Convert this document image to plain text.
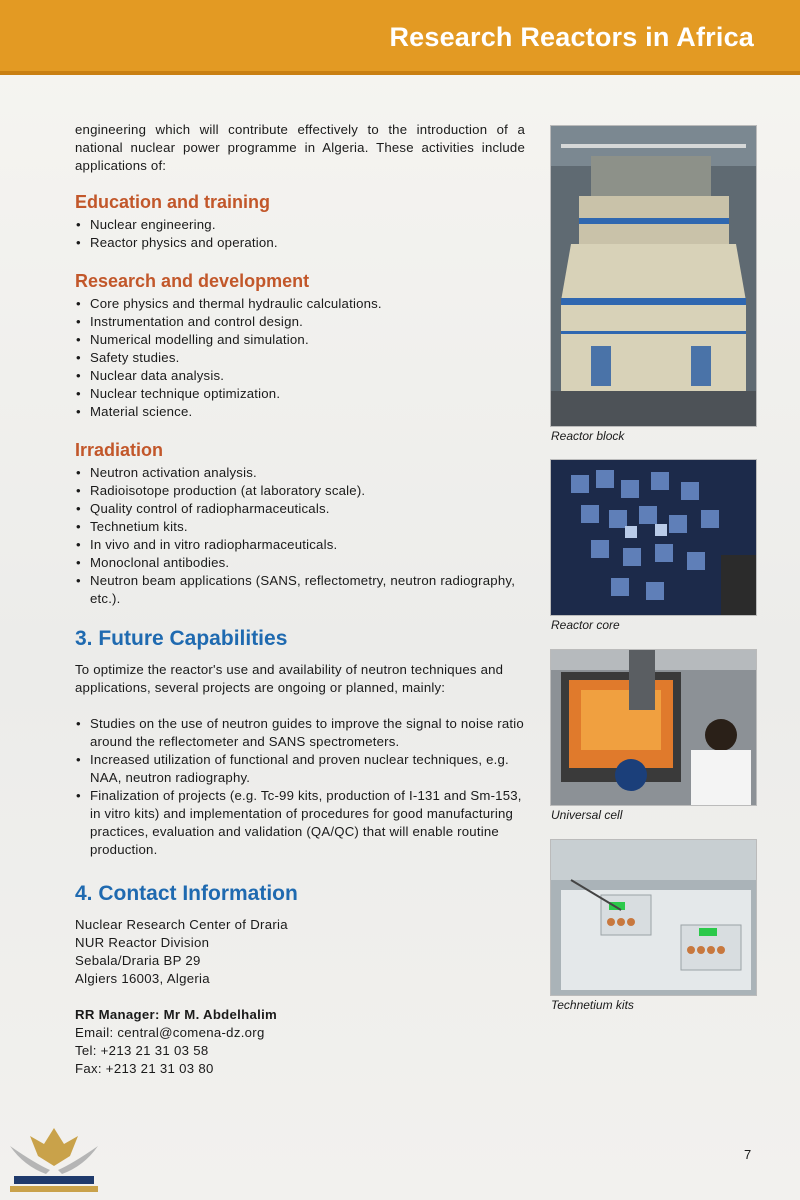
Research Reactors in Africa

engineering which will contribute effectively to the introduction of a national nuclear power programme in Algeria. These activities include applications of:

Education and training
• Nuclear engineering.
• Reactor physics and operation.
Research and development
• Core physics and thermal hydraulic calculations.
• Instrumentation and control design.
• Numerical modelling and simulation.
• Safety studies.
• Nuclear data analysis.
• Nuclear technique optimization.
• Material science.
Irradiation
• Neutron activation analysis.
• Radioisotope production (at laboratory scale).
• Quality control of radiopharmaceuticals.
• Technetium kits.
• In vivo and in vitro radiopharmaceuticals.
• Monoclonal antibodies.
• Neutron beam applications (SANS, reflectometry, neutron radiography, etc.).
3. Future Capabilities

To optimize the reactor's use and availability of neutron techniques and applications, several projects are ongoing or planned, mainly:

• Studies on the use of neutron guides to improve the signal to noise ratio around the reflectometer and SANS spectrometers.
• Increased utilization of functional and proven nuclear techniques, e.g. NAA, neutron radiography.
• Finalization of projects (e.g. Tc-99 kits, production of I-131 and Sm-153, in vitro kits) and implementation of procedures for good manufacturing practices, evaluation and validation (QA/QC) that will enable routine production.
4. Contact Information
Nuclear Research Center of Draria
NUR Reactor Division
Sebala/Draria BP 29
Algiers 16003, Algeria
RR Manager: Mr M. Abdelhalim
Email: central@comena-dz.org
Tel: +213 21 31 03 58
Fax: +213 21 31 03 80
Reactor block
Reactor core
Universal cell
Technetium kits
7
